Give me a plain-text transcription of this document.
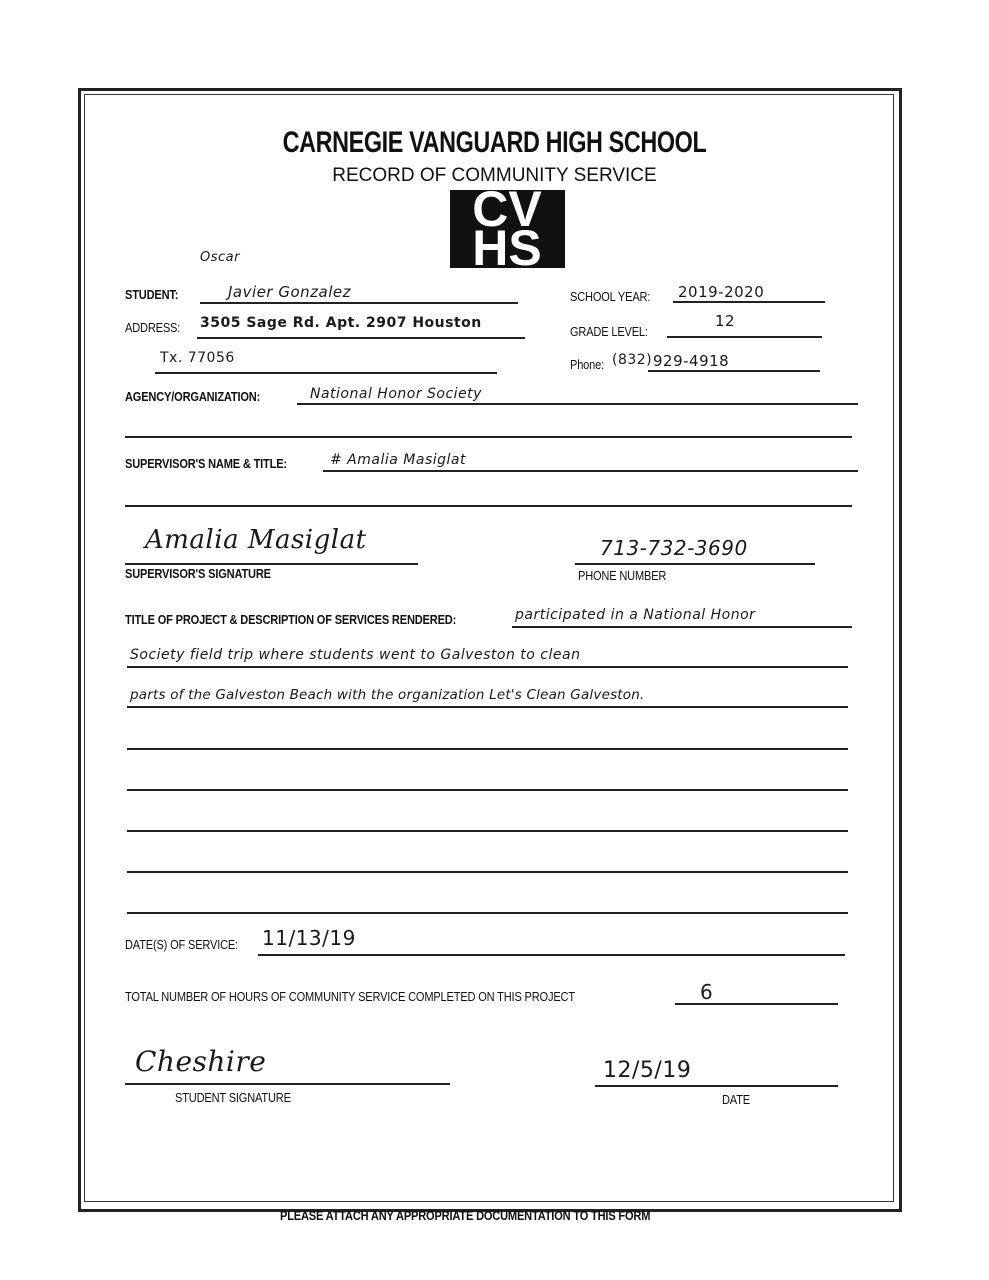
CARNEGIE VANGUARD HIGH SCHOOL
RECORD OF COMMUNITY SERVICE
CVHS
Oscar
STUDENT:	Javier Gonzalez	SCHOOL YEAR: 2019-2020
ADDRESS: 3505 Sage Rd. Apt. 2907 Houston
GRADE LEVEL:
12
Tx. 77056	Phone: (832) 929-4918
AGENCY/ORGANIZATION:	National Honor Society
SUPERVISOR'S NAME & TITLE:	# Amalia Masiglat
Amalia Masiglat
SUPERVISOR'S SIGNATURE
713-732-3690
PHONE NUMBER
TITLE OF PROJECT & DESCRIPTION OF SERVICES RENDERED:	participated in a National Honor
Society field trip where students went to Galveston to clean
parts of the Galveston Beach with the organization Let's Clean Galveston.
DATE(S) OF SERVICE: 11/13/19
TOTAL NUMBER OF HOURS OF COMMUNITY SERVICE COMPLETED ON THIS PROJECT	6
Cheshire
STUDENT SIGNATURE
12/5/19
DATE
PLEASE ATTACH ANY APPROPRIATE DOCUMENTATION TO THIS FORM
